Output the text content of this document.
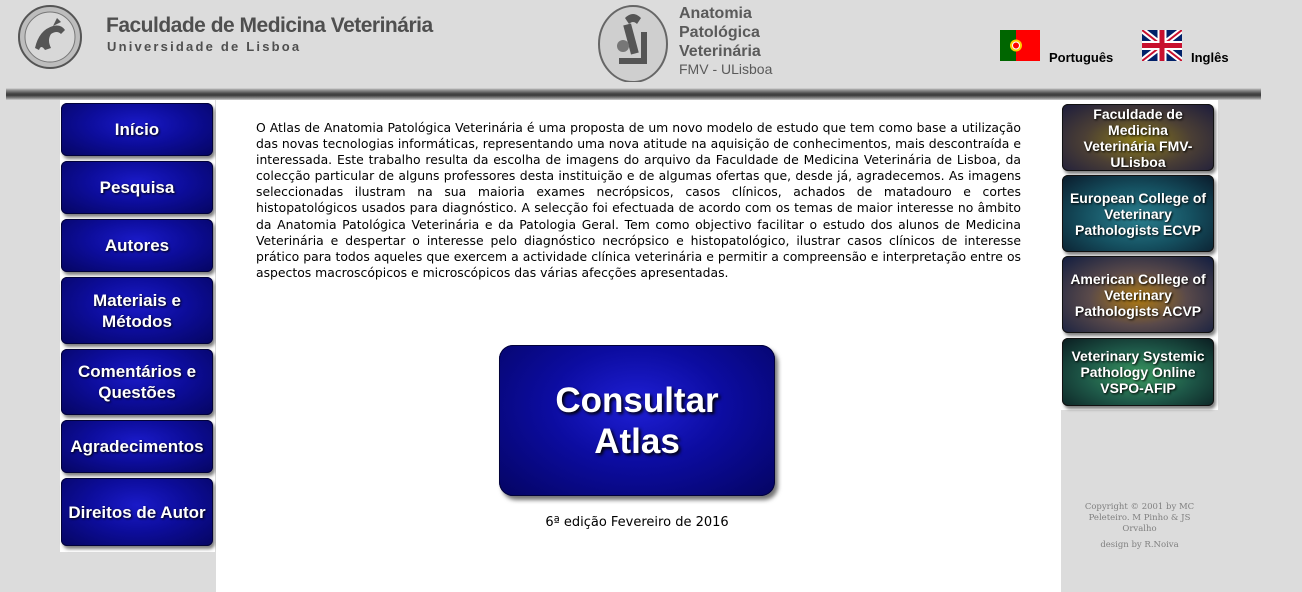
Faculdade de Medicina Veterinária
Universidade de Lisboa
Anatomia
Patológica
Veterinária
FMV - ULisboa
Português	Inglês
Início
Pesquisa
Autores
Materiais e Métodos
Comentários e Questões
Agradecimentos
Direitos de Autor

O Atlas de Anatomia Patológica Veterinária é uma proposta de um novo modelo de estudo que tem como base a utilização das novas tecnologias informáticas, representando uma nova atitude na aquisição de conhecimentos, mais descontraída e interessada. Este trabalho resulta da escolha de imagens do arquivo da Faculdade de Medicina Veterinária de Lisboa, da colecção particular de alguns professores desta instituição e de algumas ofertas que, desde já, agradecemos. As imagens seleccionadas ilustram na sua maioria exames necrópsicos, casos clínicos, achados de matadouro e cortes histopatológicos usados para diagnóstico. A selecção foi efectuada de acordo com os temas de maior interesse no âmbito da Anatomia Patológica Veterinária e da Patologia Geral. Tem como objectivo facilitar o estudo dos alunos de Medicina Veterinária e despertar o interesse pelo diagnóstico necrópsico e histopatológico, ilustrar casos clínicos de interesse prático para todos aqueles que exercem a actividade clínica veterinária e permitir a compreensão e interpretação entre os aspectos macroscópicos e microscópicos das várias afecções apresentadas.

Consultar Atlas
6ª edição Fevereiro de 2016
Faculdade de Medicina Veterinária FMV-ULisboa
European College of Veterinary Pathologists ECVP
American College of Veterinary Pathologists ACVP
Veterinary Systemic Pathology Online VSPO-AFIP
Copyright © 2001 by MC Peleteiro. M Pinho & JS Orvalho
design by R.Noiva
